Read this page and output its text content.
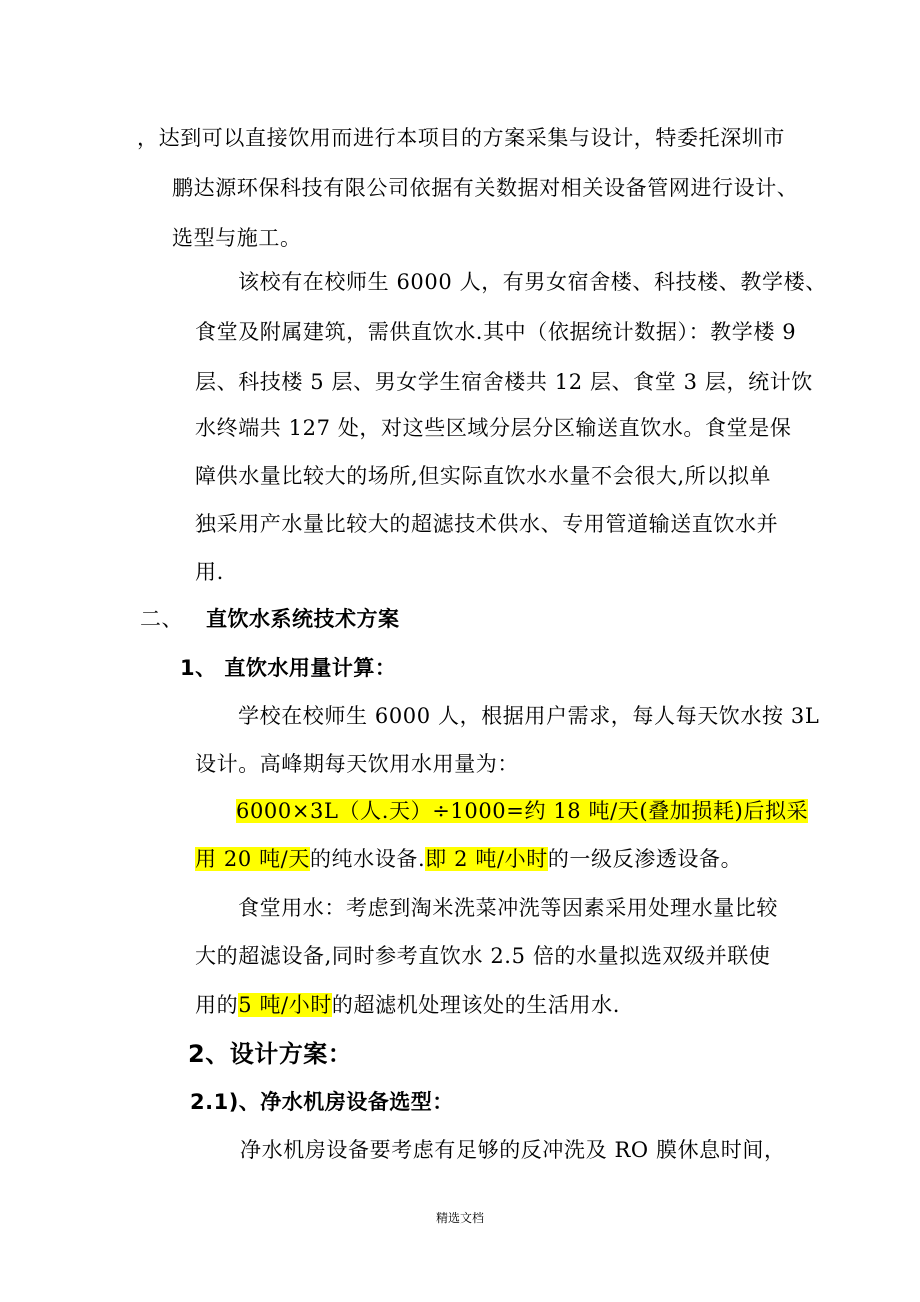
，达到可以直接饮用而进行本项目的方案采集与设计，特委托深圳市
鹏达源环保科技有限公司依据有关数据对相关设备管网进行设计、
选型与施工。
该校有在校师生 6000 人，有男女宿舍楼、科技楼、教学楼、
食堂及附属建筑，需供直饮水.其中（依据统计数据）：教学楼 9
层、科技楼 5 层、男女学生宿舍楼共 12 层、食堂 3 层，统计饮
水终端共 127 处，对这些区域分层分区输送直饮水。食堂是保
障供水量比较大的场所,但实际直饮水水量不会很大,所以拟单
独采用产水量比较大的超滤技术供水、专用管道输送直饮水并
用.
二、 直饮水系统技术方案
1、 直饮水用量计算：
学校在校师生 6000 人，根据用户需求，每人每天饮水按 3L
设计。高峰期每天饮用水用量为：
6000×3L（人.天）÷1000=约 18 吨/天(叠加损耗)后拟采
用 20 吨/天的纯水设备.即 2 吨/小时的一级反渗透设备。
食堂用水：考虑到淘米洗菜冲洗等因素采用处理水量比较
大的超滤设备,同时参考直饮水 2.5 倍的水量拟选双级并联使
用的5 吨/小时的超滤机处理该处的生活用水.
2、设计方案：
2.1)、净水机房设备选型：
净水机房设备要考虑有足够的反冲洗及 RO 膜休息时间，
精选文档
